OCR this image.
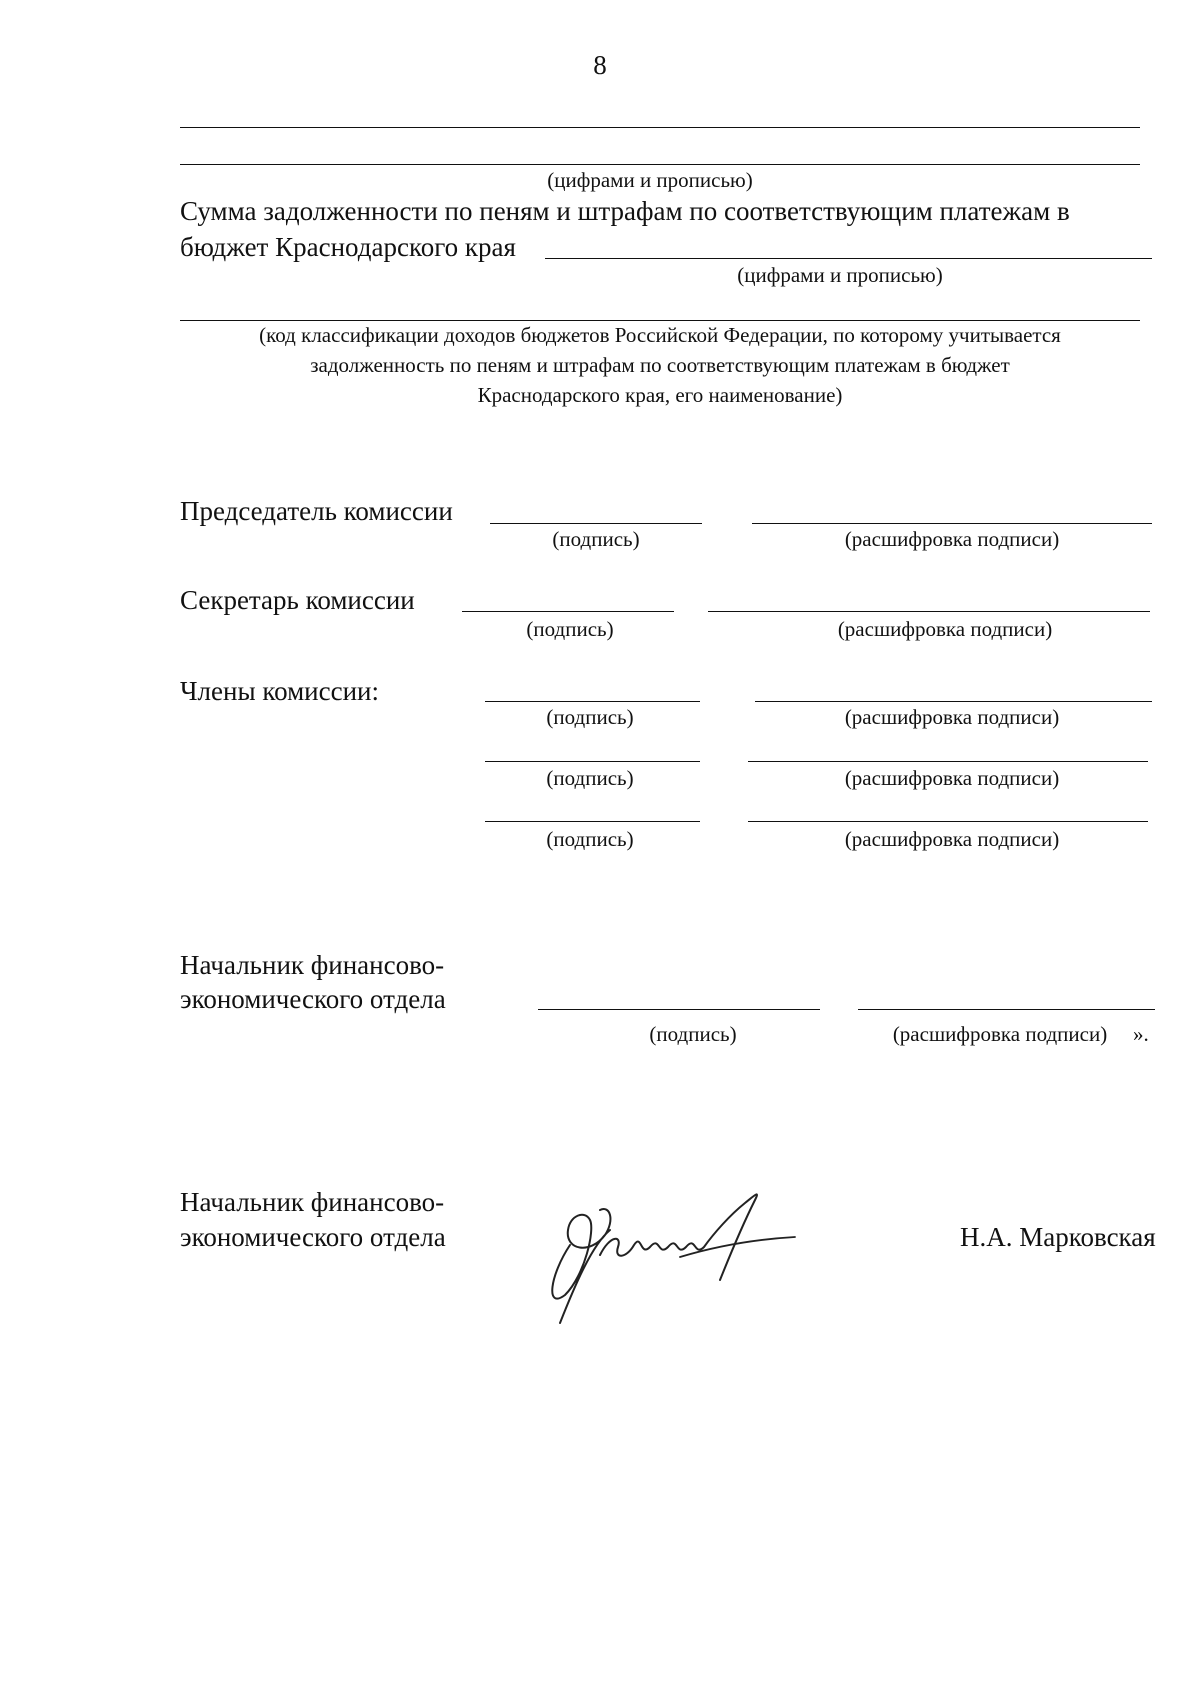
8
(цифрами и прописью)
Сумма задолженности по пеням и штрафам по соответствующим платежам в
бюджет Краснодарского края
(цифрами и прописью)
(код классификации доходов бюджетов Российской Федерации, по которому учитывается
задолженность по пеням и штрафам по соответствующим платежам в бюджет
Краснодарского края, его наименование)
Председатель комиссии
(подпись)	(расшифровка подписи)
Секретарь комиссии
(подпись)	(расшифровка подписи)
Члены комиссии:
(подпись)	(расшифровка подписи)
(подпись)	(расшифровка подписи)
(подпись)	(расшифровка подписи)
Начальник финансово-
экономического отдела
(подпись)	(расшифровка подписи)	».
Начальник финансово-
экономического отдела	Н.А. Марковская
